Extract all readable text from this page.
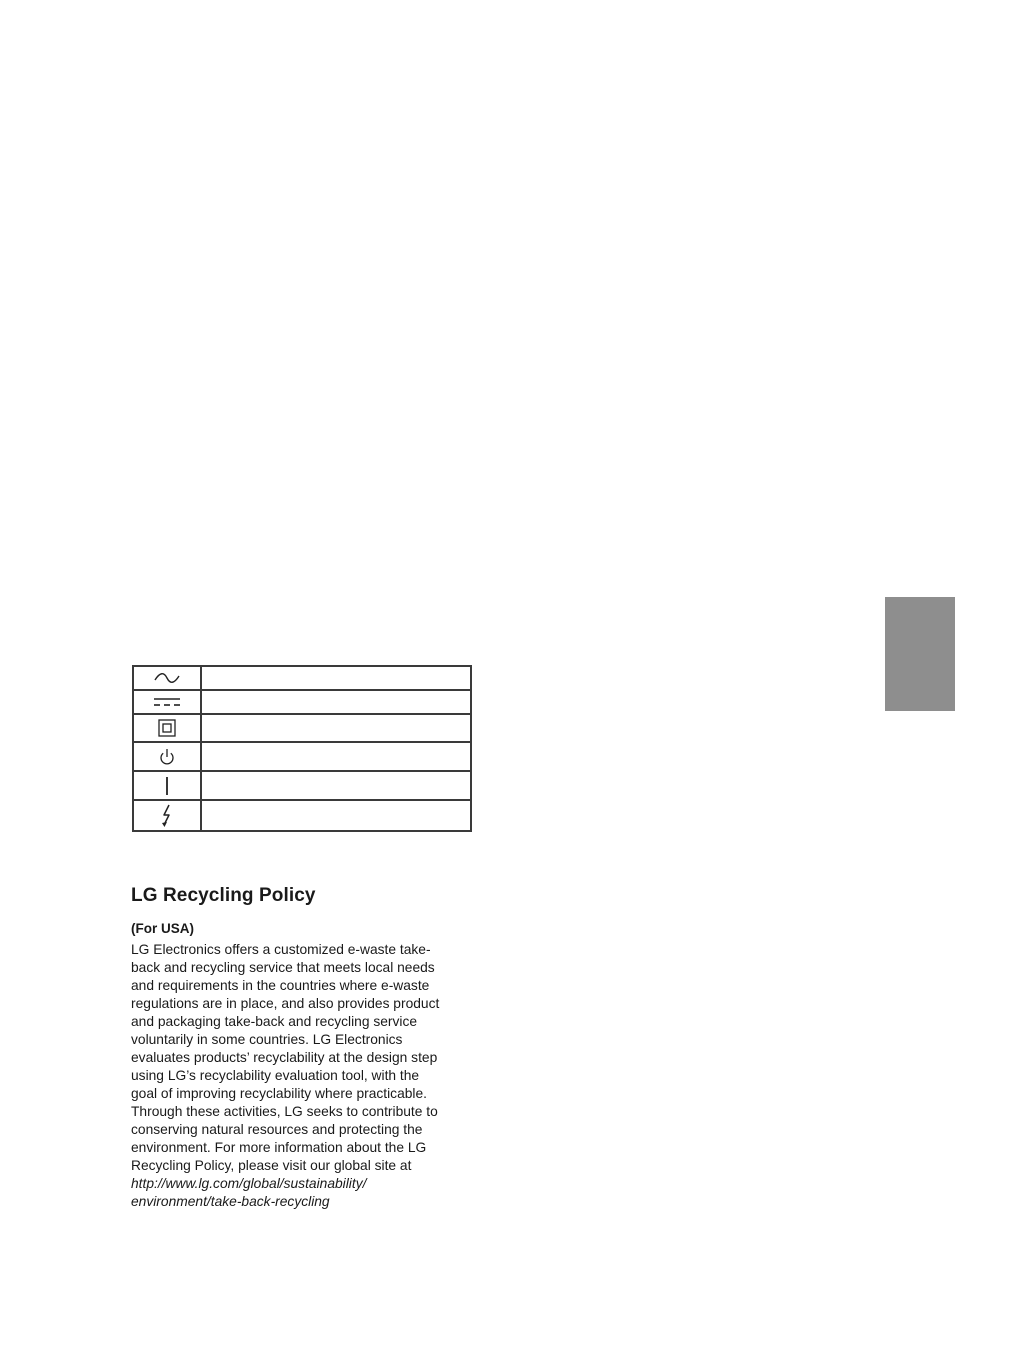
LG Recycling Policy

(For USA)

LG Electronics offers a customized e-waste take-
back and recycling service that meets local needs
and requirements in the countries where e-waste
regulations are in place, and also provides product
and packaging take-back and recycling service
voluntarily in some countries. LG Electronics
evaluates products’ recyclability at the design step
using LG’s recyclability evaluation tool, with the
goal of improving recyclability where practicable.
Through these activities, LG seeks to contribute to
conserving natural resources and protecting the
environment. For more information about the LG
Recycling Policy, please visit our global site at

http://www.lg.com/global/sustainability/
environment/take-back-recycling
